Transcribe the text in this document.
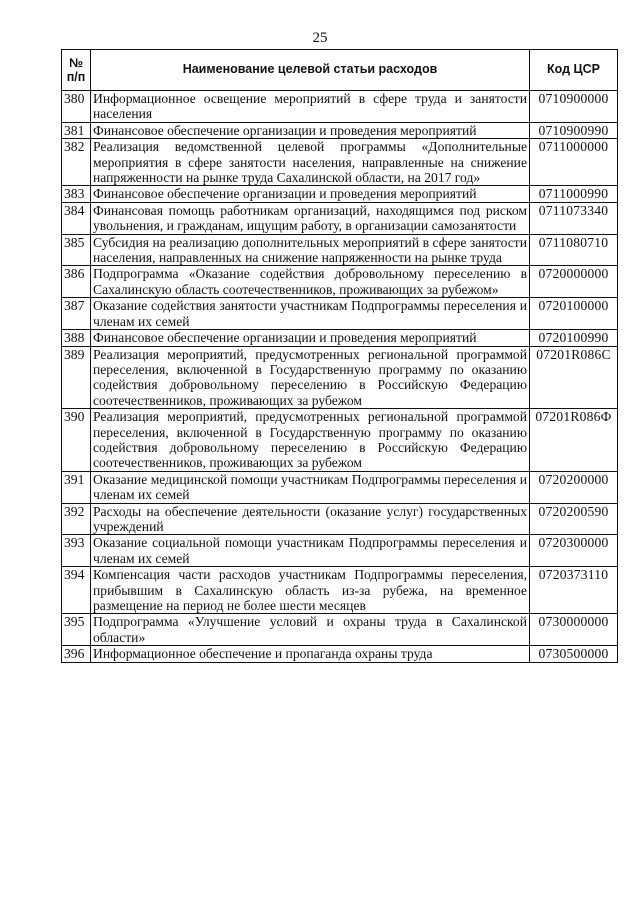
25
№
п/п	Наименование целевой статьи расходов	Код ЦСР
380	Информационное освещение мероприятий в сфере труда и занятости населения	0710900000
381	Финансовое обеспечение организации и проведения мероприятий	0710900990
382	Реализация ведомственной целевой программы «Дополнительные мероприятия в сфере занятости населения, направленные на снижение напряженности на рынке труда Сахалинской области, на 2017 год»	0711000000
383	Финансовое обеспечение организации и проведения мероприятий	0711000990
384	Финансовая помощь работникам организаций, находящимся под риском увольнения, и гражданам, ищущим работу, в организации самозанятости	0711073340
385	Субсидия на реализацию дополнительных мероприятий в сфере занятости населения, направленных на снижение напряженности на рынке труда	0711080710
386	Подпрограмма «Оказание содействия добровольному переселению в Сахалинскую область соотечественников, проживающих за рубежом»	0720000000
387	Оказание содействия занятости участникам Подпрограммы переселения и членам их семей	0720100000
388	Финансовое обеспечение организации и проведения мероприятий	0720100990
389	Реализация мероприятий, предусмотренных региональной программой переселения, включенной в Государственную программу по оказанию содействия добровольному переселению в Российскую Федерацию соотечественников, проживающих за рубежом	07201R086C
390	Реализация мероприятий, предусмотренных региональной программой переселения, включенной в Государственную программу по оказанию содействия добровольному переселению в Российскую Федерацию соотечественников, проживающих за рубежом	07201R086Ф
391	Оказание медицинской помощи участникам Подпрограммы переселения и членам их семей	0720200000
392	Расходы на обеспечение деятельности (оказание услуг) государственных учреждений	0720200590
393	Оказание социальной помощи участникам Подпрограммы переселения и членам их семей	0720300000
394	Компенсация части расходов участникам Подпрограммы переселения, прибывшим в Сахалинскую область из-за рубежа, на временное размещение на период не более шести месяцев	0720373110
395	Подпрограмма «Улучшение условий и охраны труда в Сахалинской области»	0730000000
396	Информационное обеспечение и пропаганда охраны труда	0730500000
